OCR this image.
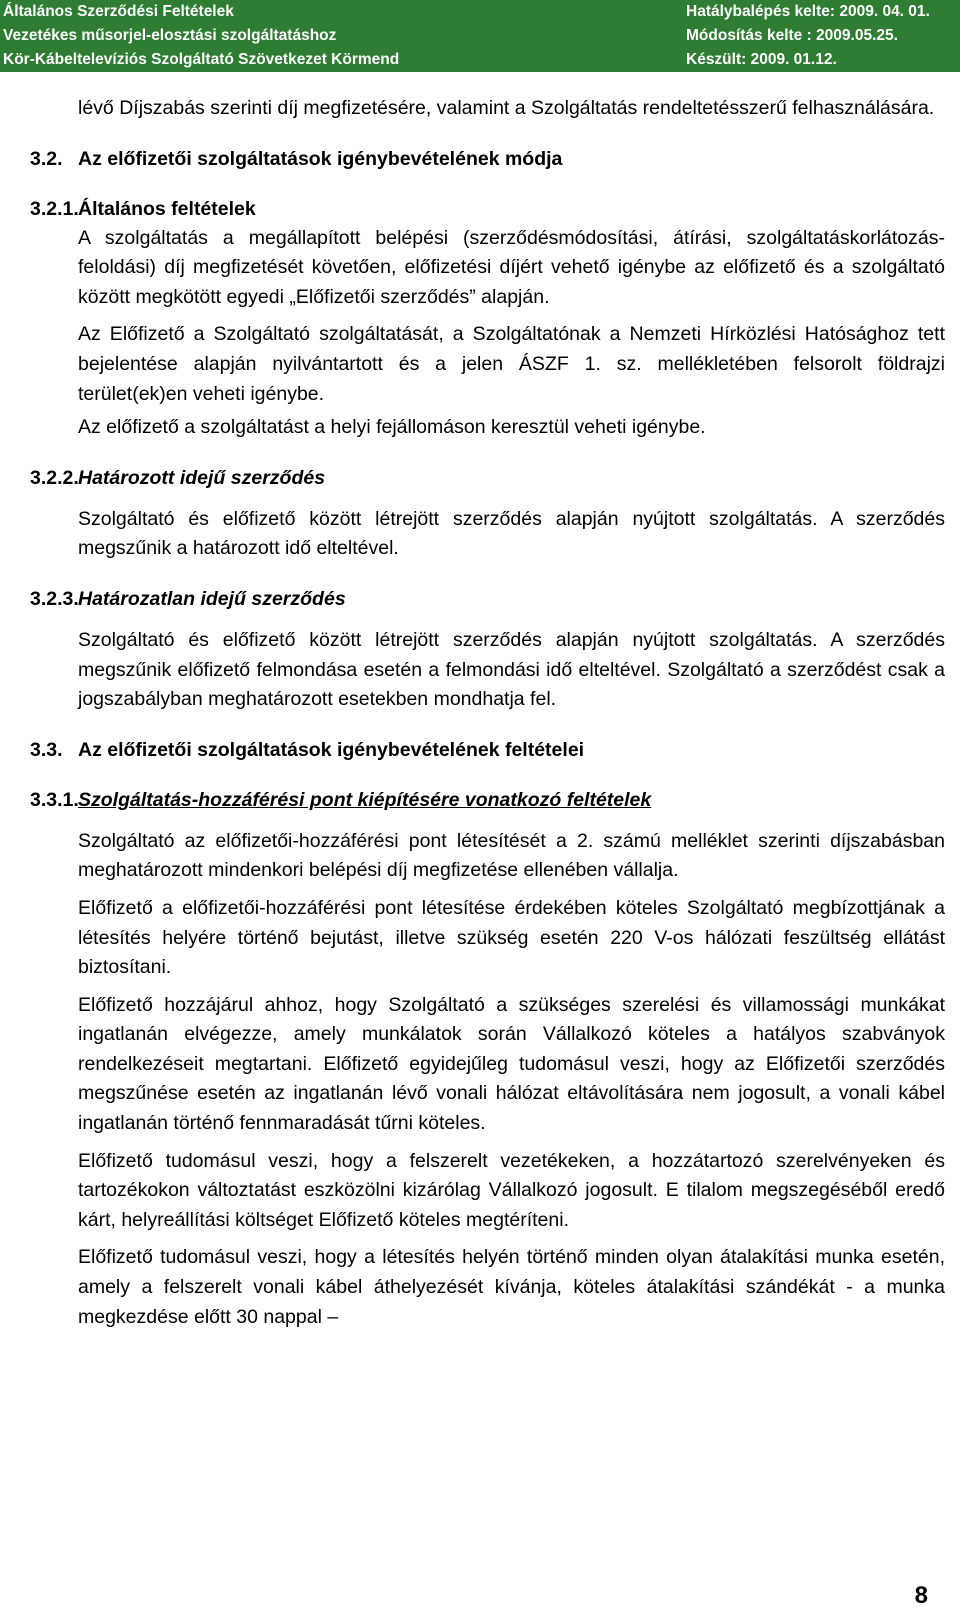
Általános Szerződési Feltételek	Hatálybalépés kelte: 2009. 04. 01.
Vezetékes műsorjel-elosztási szolgáltatáshoz	Módosítás kelte : 2009.05.25.
Kör-Kábeltelevíziós Szolgáltató Szövetkezet Körmend	Készült: 2009. 01.12.

lévő Díjszabás szerinti díj megfizetésére, valamint a Szolgáltatás rendeltetésszerű felhasználására.

3.2. Az előfizetői szolgáltatások igénybevételének módja
3.2.1. Általános feltételek

A szolgáltatás a megállapított belépési (szerződésmódosítási, átírási, szolgáltatáskorlátozás-feloldási) díj megfizetését követően, előfizetési díjért vehető igénybe az előfizető és a szolgáltató között megkötött egyedi „Előfizetői szerződés” alapján.

Az Előfizető a Szolgáltató szolgáltatását, a Szolgáltatónak a Nemzeti Hírközlési Hatósághoz tett bejelentése alapján nyilvántartott és a jelen ÁSZF 1. sz. mellékletében felsorolt földrajzi terület(ek)en veheti igénybe.

Az előfizető a szolgáltatást a helyi fejállomáson keresztül veheti igénybe.

3.2.2. Határozott idejű szerződés

Szolgáltató és előfizető között létrejött szerződés alapján nyújtott szolgáltatás. A szerződés megszűnik a határozott idő elteltével.

3.2.3. Határozatlan idejű szerződés

Szolgáltató és előfizető között létrejött szerződés alapján nyújtott szolgáltatás. A szerződés megszűnik előfizető felmondása esetén a felmondási idő elteltével. Szolgáltató a szerződést csak a jogszabályban meghatározott esetekben mondhatja fel.

3.3. Az előfizetői szolgáltatások igénybevételének feltételei
3.3.1. Szolgáltatás-hozzáférési pont kiépítésére vonatkozó feltételek

Szolgáltató az előfizetői-hozzáférési pont létesítését a 2. számú melléklet szerinti díjszabásban meghatározott mindenkori belépési díj megfizetése ellenében vállalja.

Előfizető a előfizetői-hozzáférési pont létesítése érdekében köteles Szolgáltató megbízottjának a létesítés helyére történő bejutást, illetve szükség esetén 220 V-os hálózati feszültség ellátást biztosítani.

Előfizető hozzájárul ahhoz, hogy Szolgáltató a szükséges szerelési és villamossági munkákat ingatlanán elvégezze, amely munkálatok során Vállalkozó köteles a hatályos szabványok rendelkezéseit megtartani. Előfizető egyidejűleg tudomásul veszi, hogy az Előfizetői szerződés megszűnése esetén az ingatlanán lévő vonali hálózat eltávolítására nem jogosult, a vonali kábel ingatlanán történő fennmaradását tűrni köteles.

Előfizető tudomásul veszi, hogy a felszerelt vezetékeken, a hozzátartozó szerelvényeken és tartozékokon változtatást eszközölni kizárólag Vállalkozó jogosult. E tilalom megszegéséből eredő kárt, helyreállítási költséget Előfizető köteles megtéríteni.

Előfizető tudomásul veszi, hogy a létesítés helyén történő minden olyan átalakítási munka esetén, amely a felszerelt vonali kábel áthelyezését kívánja, köteles átalakítási szándékát - a munka megkezdése előtt 30 nappal –

8
